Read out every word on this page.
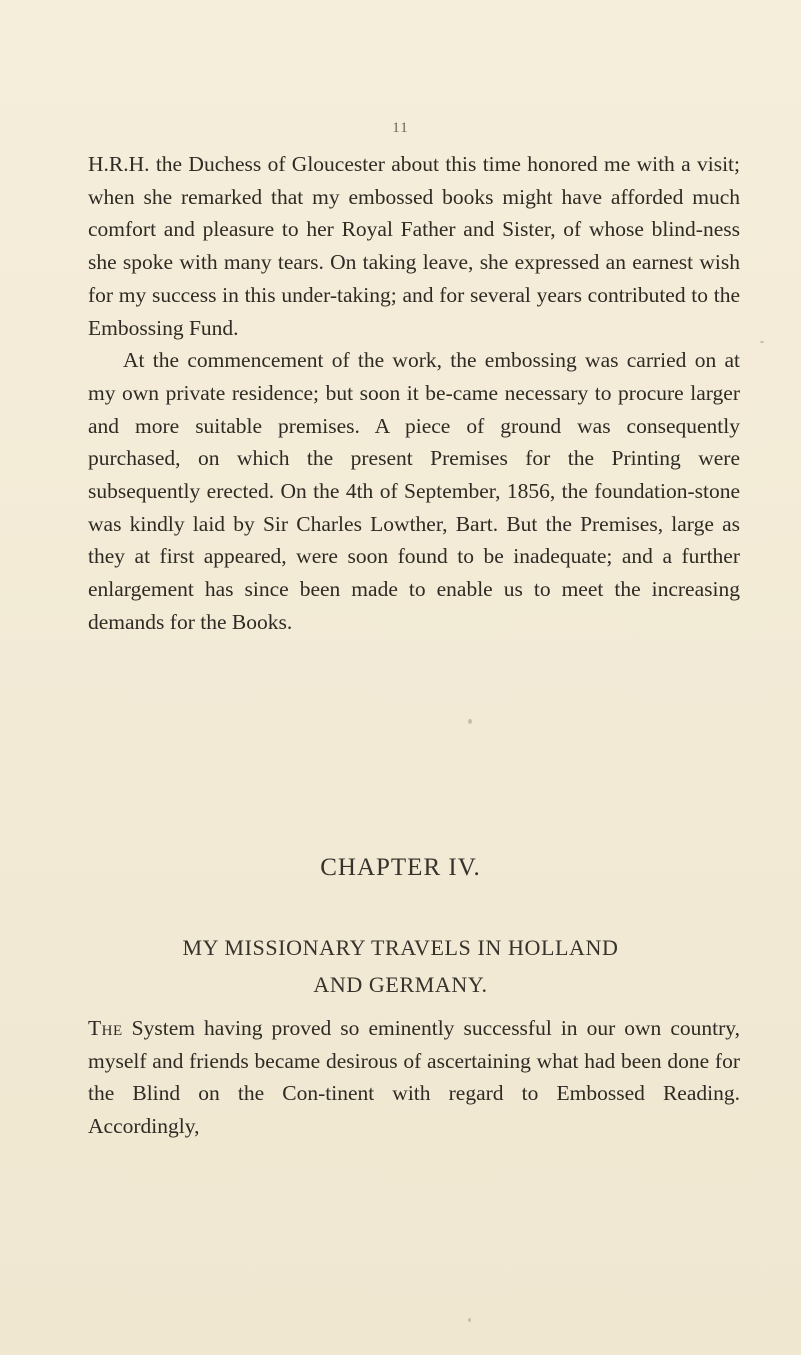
11

H.R.H. the Duchess of Gloucester about this time honored me with a visit; when she remarked that my embossed books might have afforded much comfort and pleasure to her Royal Father and Sister, of whose blind-ness she spoke with many tears. On taking leave, she expressed an earnest wish for my success in this under-taking; and for several years contributed to the Embossing Fund.

At the commencement of the work, the embossing was carried on at my own private residence; but soon it be-came necessary to procure larger and more suitable premises. A piece of ground was consequently purchased, on which the present Premises for the Printing were subsequently erected. On the 4th of September, 1856, the foundation-stone was kindly laid by Sir Charles Lowther, Bart. But the Premises, large as they at first appeared, were soon found to be inadequate; and a further enlargement has since been made to enable us to meet the increasing demands for the Books.

CHAPTER IV.
MY MISSIONARY TRAVELS IN HOLLAND
AND GERMANY.

The System having proved so eminently successful in our own country, myself and friends became desirous of ascertaining what had been done for the Blind on the Con-tinent with regard to Embossed Reading. Accordingly,
